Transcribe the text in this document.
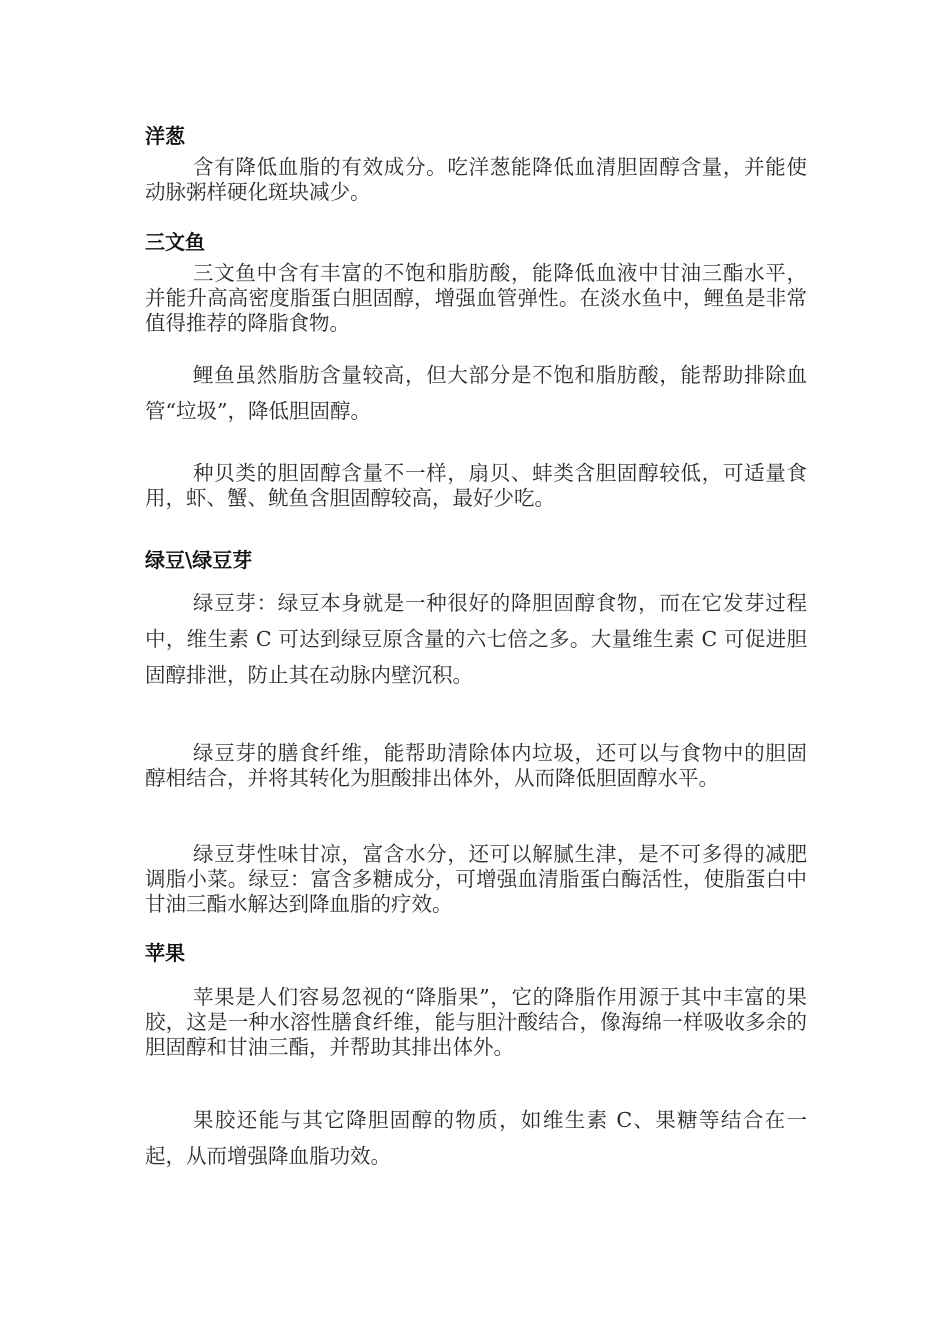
洋葱

含有降低血脂的有效成分。吃洋葱能降低血清胆固醇含量，并能使动脉粥样硬化斑块减少。

三文鱼

三文鱼中含有丰富的不饱和脂肪酸，能降低血液中甘油三酯水平，并能升高高密度脂蛋白胆固醇，增强血管弹性。在淡水鱼中，鲤鱼是非常值得推荐的降脂食物。

鲤鱼虽然脂肪含量较高，但大部分是不饱和脂肪酸，能帮助排除血管“垃圾”，降低胆固醇。

种贝类的胆固醇含量不一样，扇贝、蚌类含胆固醇较低，可适量食用，虾、蟹、鱿鱼含胆固醇较高，最好少吃。

绿豆\绿豆芽

绿豆芽：绿豆本身就是一种很好的降胆固醇食物，而在它发芽过程中，维生素 C 可达到绿豆原含量的六七倍之多。大量维生素 C 可促进胆固醇排泄，防止其在动脉内壁沉积。

绿豆芽的膳食纤维，能帮助清除体内垃圾，还可以与食物中的胆固醇相结合，并将其转化为胆酸排出体外，从而降低胆固醇水平。

绿豆芽性味甘凉，富含水分，还可以解腻生津，是不可多得的减肥调脂小菜。绿豆：富含多糖成分，可增强血清脂蛋白酶活性，使脂蛋白中甘油三酯水解达到降血脂的疗效。

苹果

苹果是人们容易忽视的“降脂果”，它的降脂作用源于其中丰富的果胶，这是一种水溶性膳食纤维，能与胆汁酸结合，像海绵一样吸收多余的胆固醇和甘油三酯，并帮助其排出体外。

果胶还能与其它降胆固醇的物质，如维生素 C、果糖等结合在一起，从而增强降血脂功效。
